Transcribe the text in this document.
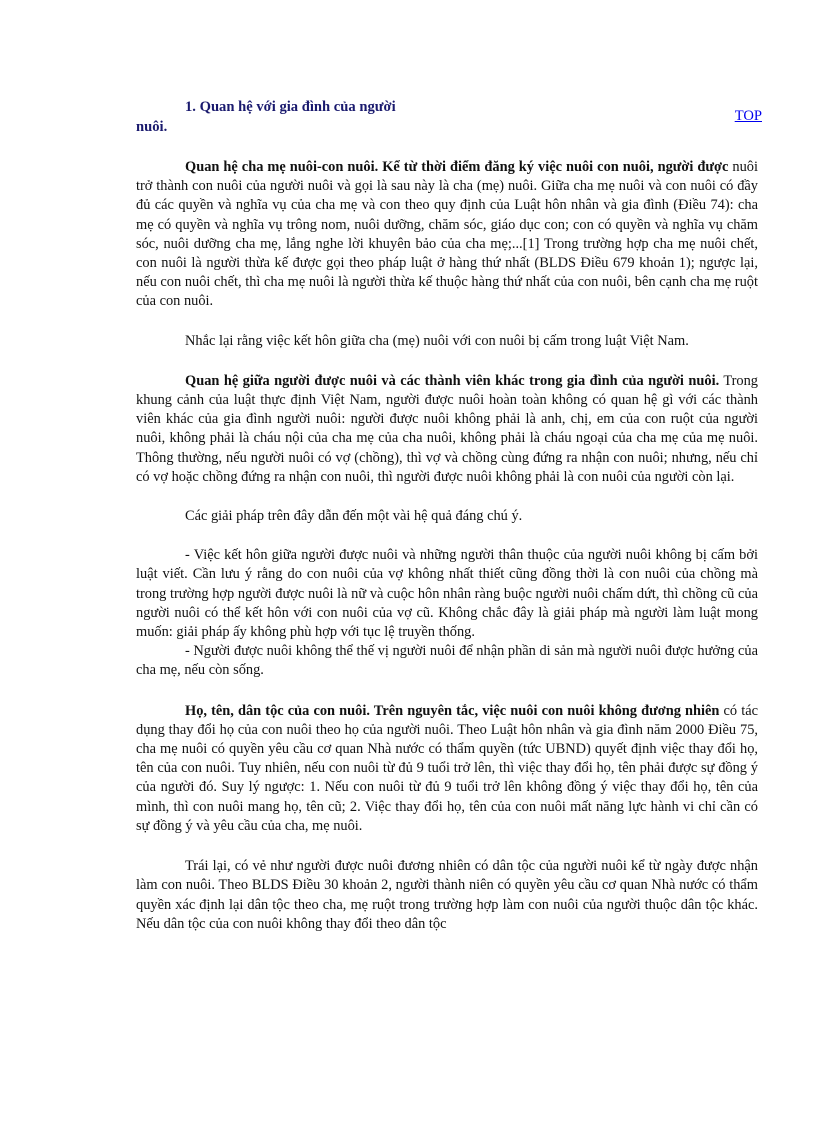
1. Quan hệ với gia đình của người
nuôi.
TOP

Quan hệ cha mẹ nuôi-con nuôi. Kể từ thời điểm đăng ký việc nuôi con nuôi, người được nuôi trở thành con nuôi của người nuôi và gọi là sau này là cha (mẹ) nuôi. Giữa cha mẹ nuôi và con nuôi có đầy đủ các quyền và nghĩa vụ của cha mẹ và con theo quy định của Luật hôn nhân và gia đình (Điều 74): cha mẹ có quyền và nghĩa vụ trông nom, nuôi dưỡng, chăm sóc, giáo dục con; con có quyền và nghĩa vụ chăm sóc, nuôi dưỡng cha mẹ, lắng nghe lời khuyên bảo của cha mẹ;...[1] Trong trường hợp cha mẹ nuôi chết, con nuôi là người thừa kế được gọi theo pháp luật ở hàng thứ nhất (BLDS Điều 679 khoản 1); ngược lại, nếu con nuôi chết, thì cha mẹ nuôi là người thừa kế thuộc hàng thứ nhất của con nuôi, bên cạnh cha mẹ ruột của con nuôi.

Nhắc lại rằng việc kết hôn giữa cha (mẹ) nuôi với con nuôi bị cấm trong luật Việt Nam.

Quan hệ giữa người được nuôi và các thành viên khác trong gia đình của người nuôi. Trong khung cảnh của luật thực định Việt Nam, người được nuôi hoàn toàn không có quan hệ gì với các thành viên khác của gia đình người nuôi: người được nuôi không phải là anh, chị, em của con ruột của người nuôi, không phải là cháu nội của cha mẹ của cha nuôi, không phải là cháu ngoại của cha mẹ của mẹ nuôi. Thông thường, nếu người nuôi có vợ (chồng), thì vợ và chồng cùng đứng ra nhận con nuôi; nhưng, nếu chỉ có vợ hoặc chồng đứng ra nhận con nuôi, thì người được nuôi không phải là con nuôi của người còn lại.

Các giải pháp trên đây dẫn đến một vài hệ quả đáng chú ý.

- Việc kết hôn giữa người được nuôi và những người thân thuộc của người nuôi không bị cấm bởi luật viết. Cần lưu ý rằng do con nuôi của vợ không nhất thiết cũng đồng thời là con nuôi của chồng mà trong trường hợp người được nuôi là nữ và cuộc hôn nhân ràng buộc người nuôi chấm dứt, thì chồng cũ của người nuôi có thể kết hôn với con nuôi của vợ cũ. Không chắc đây là giải pháp mà người làm luật mong muốn: giải pháp ấy không phù hợp với tục lệ truyền thống.

- Người được nuôi không thể thế vị người nuôi để nhận phần di sản mà người nuôi được hưởng của cha mẹ, nếu còn sống.

Họ, tên, dân tộc của con nuôi. Trên nguyên tắc, việc nuôi con nuôi không đương nhiên có tác dụng thay đổi họ của con nuôi theo họ của người nuôi. Theo Luật hôn nhân và gia đình năm 2000 Điều 75, cha mẹ nuôi có quyền yêu cầu cơ quan Nhà nước có thẩm quyền (tức UBND) quyết định việc thay đổi họ, tên của con nuôi. Tuy nhiên, nếu con nuôi từ đủ 9 tuổi trở lên, thì việc thay đổi họ, tên phải được sự đồng ý của người đó. Suy lý ngược: 1. Nếu con nuôi từ đủ 9 tuổi trở lên không đồng ý việc thay đổi họ, tên của mình, thì con nuôi mang họ, tên cũ; 2. Việc thay đổi họ, tên của con nuôi mất năng lực hành vi chỉ cần có sự đồng ý và yêu cầu của cha, mẹ nuôi.

Trái lại, có vẻ như người được nuôi đương nhiên có dân tộc của người nuôi kể từ ngày được nhận làm con nuôi. Theo BLDS Điều 30 khoản 2, người thành niên có quyền yêu cầu cơ quan Nhà nước có thẩm quyền xác định lại dân tộc theo cha, mẹ ruột trong trường hợp làm con nuôi của người thuộc dân tộc khác. Nếu dân tộc của con nuôi không thay đổi theo dân tộc
